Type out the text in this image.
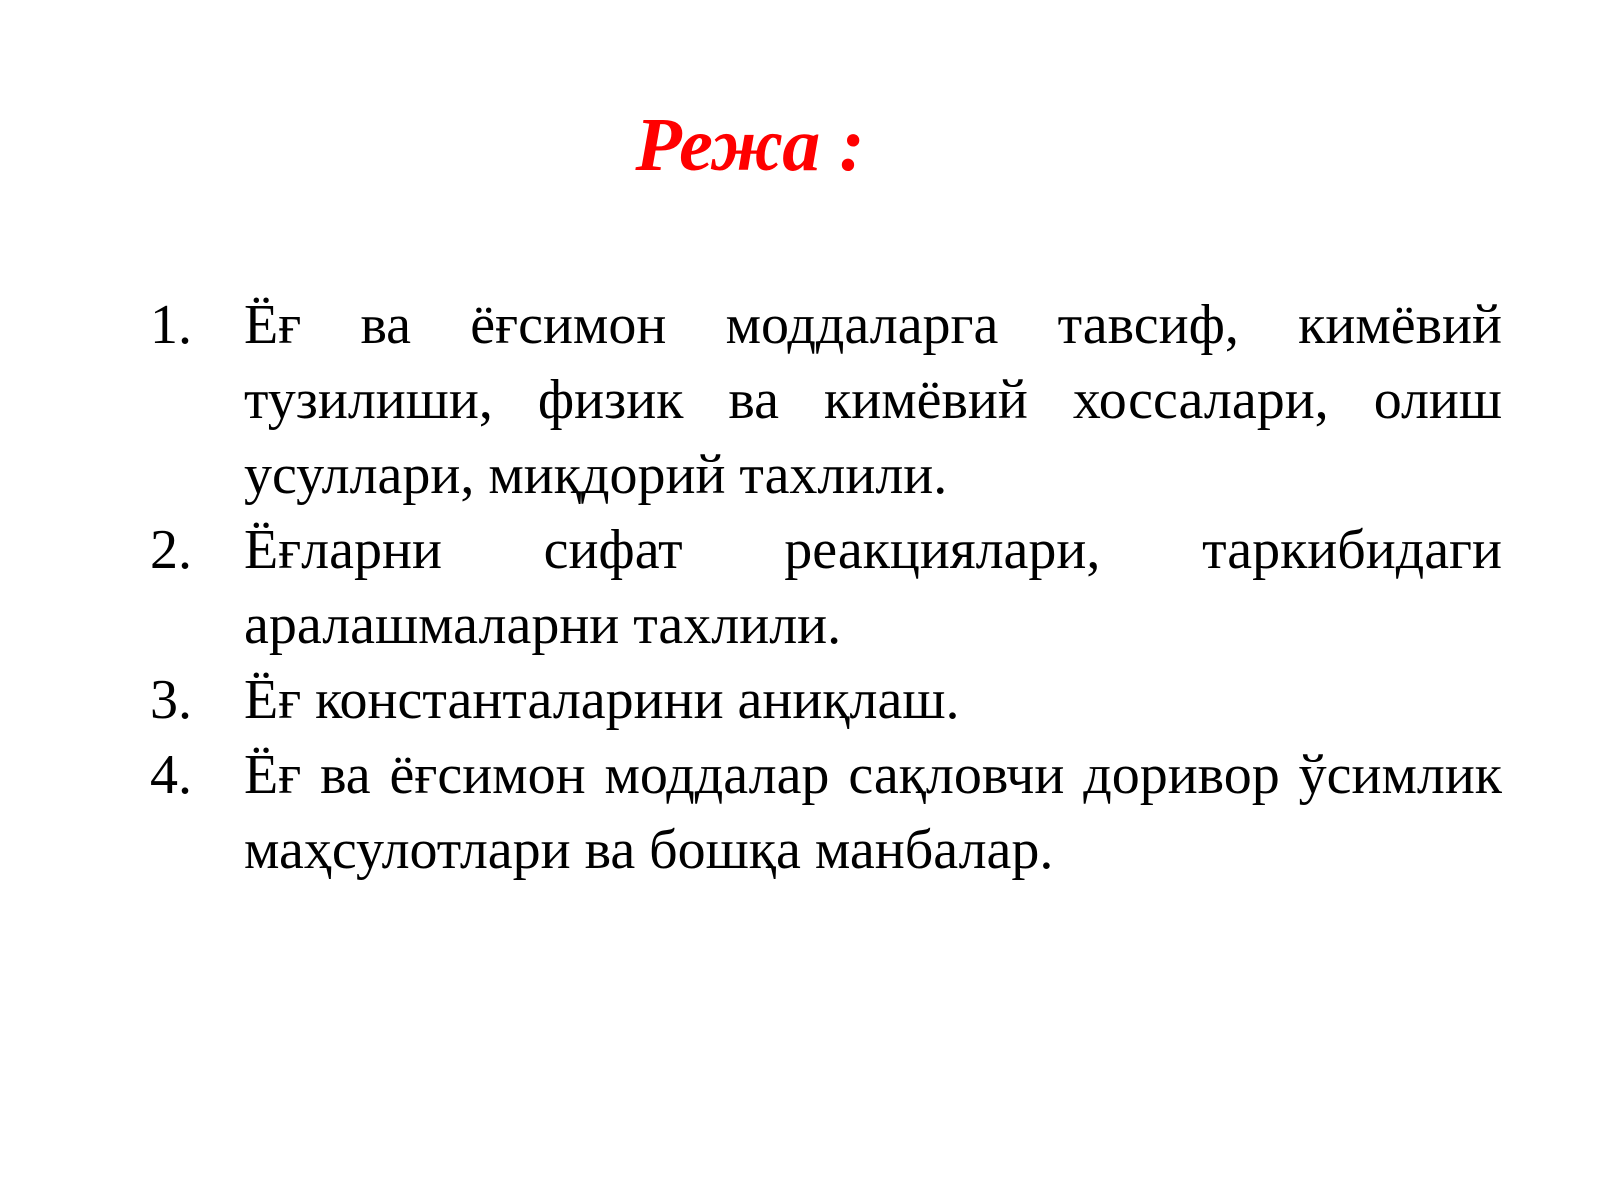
Режа :
1. Ёғ ва ёғсимон моддаларга тавсиф, кимёвий тузилиши, физик ва кимёвий хоссалари, олиш усуллари, миқдорий тахлили.
2. Ёғларни сифат реакциялари, таркибидаги аралашмаларни тахлили.
3. Ёғ константаларини аниқлаш.
4. Ёғ ва ёғсимон моддалар сақловчи доривор ўсимлик маҳсулотлари ва бошқа манбалар.
